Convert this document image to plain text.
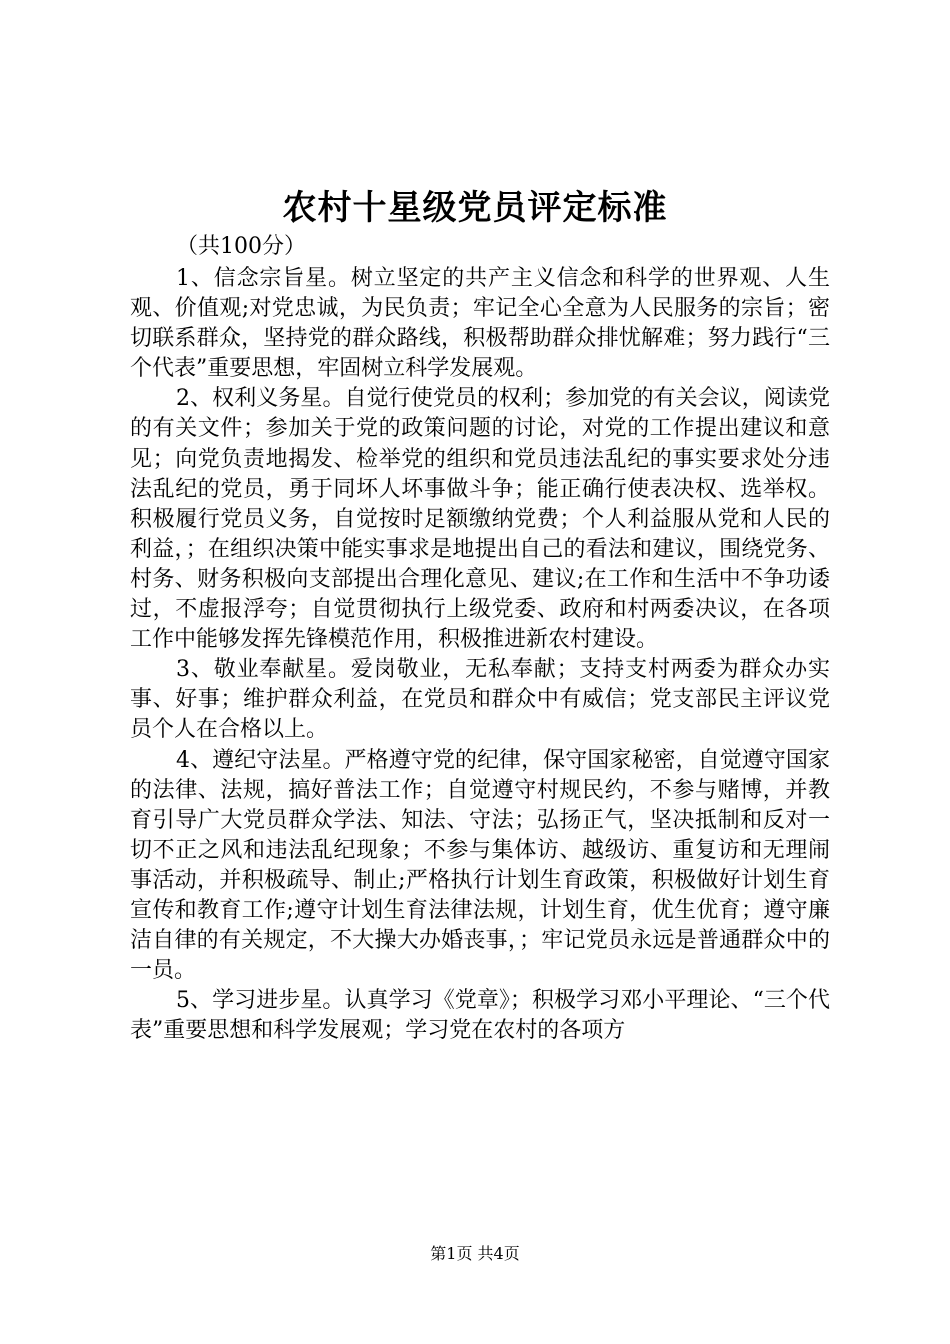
农村十星级党员评定标准
（共100分）

1、信念宗旨星。树立坚定的共产主义信念和科学的世界观、人生观、价值观;对党忠诚，为民负责；牢记全心全意为人民服务的宗旨；密切联系群众，坚持党的群众路线，积极帮助群众排忧解难；努力践行“三个代表”重要思想，牢固树立科学发展观。

2、权利义务星。自觉行使党员的权利；参加党的有关会议，阅读党的有关文件；参加关于党的政策问题的讨论，对党的工作提出建议和意见；向党负责地揭发、检举党的组织和党员违法乱纪的事实要求处分违法乱纪的党员，勇于同坏人坏事做斗争；能正确行使表决权、选举权。积极履行党员义务，自觉按时足额缴纳党费；个人利益服从党和人民的利益，；在组织决策中能实事求是地提出自己的看法和建议，围绕党务、村务、财务积极向支部提出合理化意见、建议;在工作和生活中不争功诿过，不虚报浮夸；自觉贯彻执行上级党委、政府和村两委决议，在各项工作中能够发挥先锋模范作用，积极推进新农村建设。

3、敬业奉献星。爱岗敬业，无私奉献；支持支村两委为群众办实事、好事；维护群众利益，在党员和群众中有威信；党支部民主评议党员个人在合格以上。

4、遵纪守法星。严格遵守党的纪律，保守国家秘密，自觉遵守国家的法律、法规，搞好普法工作；自觉遵守村规民约，不参与赌博，并教育引导广大党员群众学法、知法、守法；弘扬正气，坚决抵制和反对一切不正之风和违法乱纪现象；不参与集体访、越级访、重复访和无理闹事活动，并积极疏导、制止;严格执行计划生育政策，积极做好计划生育宣传和教育工作;遵守计划生育法律法规，计划生育，优生优育；遵守廉洁自律的有关规定，不大操大办婚丧事，；牢记党员永远是普通群众中的一员。

5、学习进步星。认真学习《党章》；积极学习邓小平理论、“三个代表”重要思想和科学发展观；学习党在农村的各项方

第1页 共4页
